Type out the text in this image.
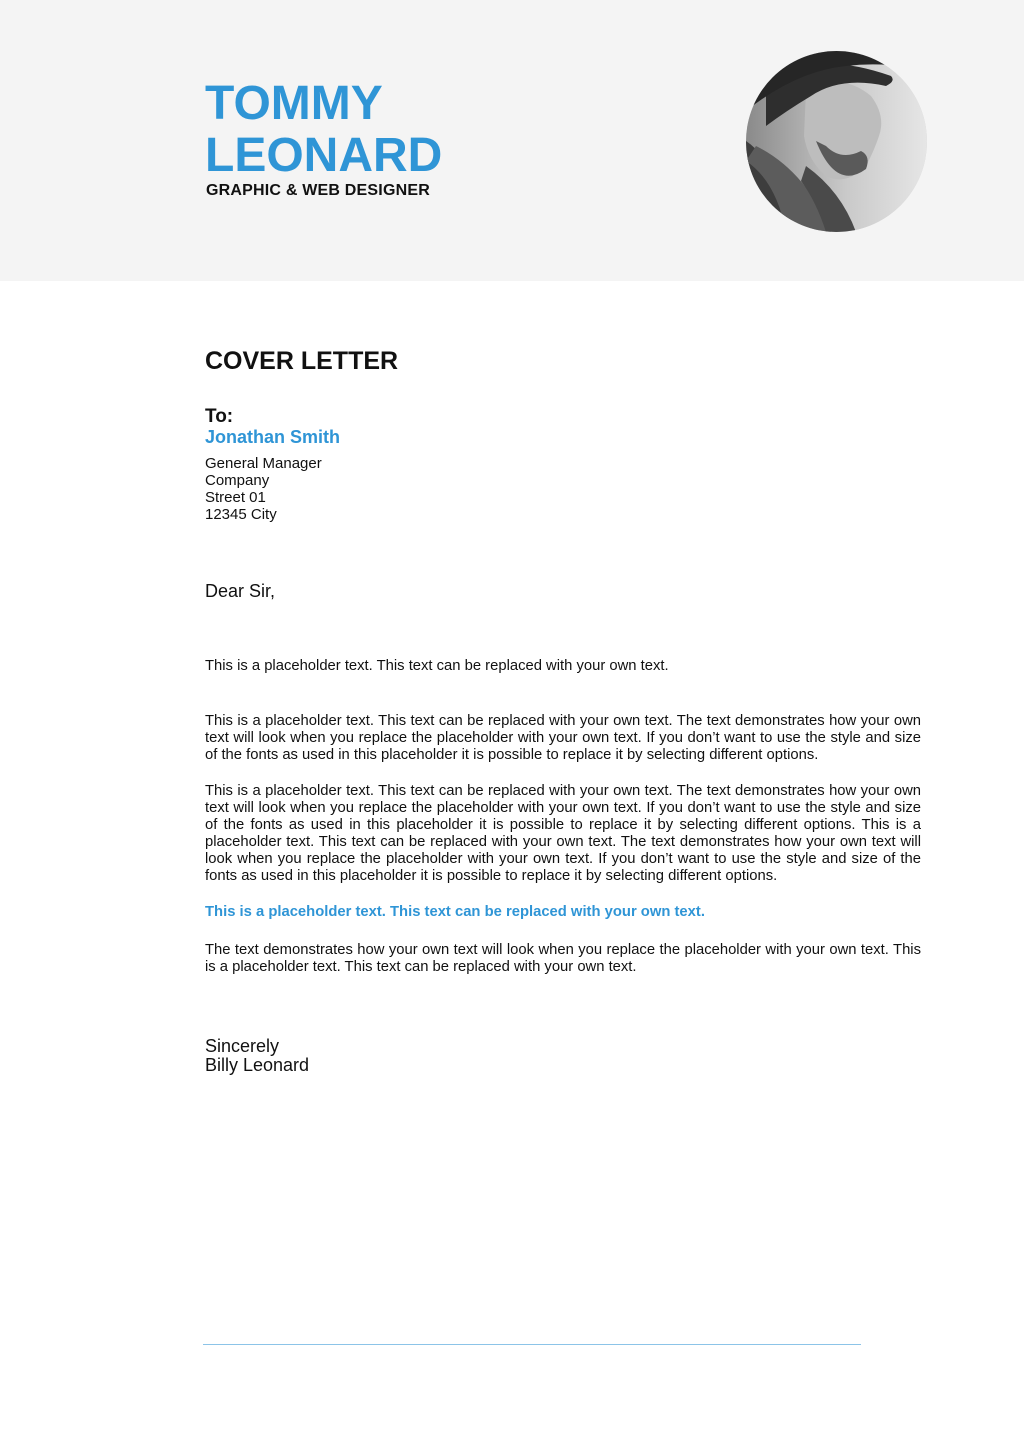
TOMMY
LEONARD
GRAPHIC & WEB DESIGNER
COVER LETTER
To:
Jonathan Smith
General Manager
Company
Street 01
12345 City
Dear Sir,
This is a placeholder text. This text can be replaced with your own text.
This is a placeholder text. This text can be replaced with your own text. The text demonstrates how your own text will look when you replace the placeholder with your own text. If you don’t want to use the style and size of the fonts as used in this placeholder it is possible to replace it by selecting different options.
This is a placeholder text. This text can be replaced with your own text. The text demonstrates how your own text will look when you replace the placeholder with your own text. If you don’t want to use the style and size of the fonts as used in this placeholder it is possible to replace it by selecting different options. This is a placeholder text. This text can be replaced with your own text. The text demonstrates how your own text will look when you replace the placeholder with your own text. If you don’t want to use the style and size of the fonts as used in this placeholder it is possible to replace it by selecting different options.
This is a placeholder text. This text can be replaced with your own text.
The text demonstrates how your own text will look when you replace the placeholder with your own text. This is a placeholder text. This text can be replaced with your own text.
Sincerely
Billy Leonard
